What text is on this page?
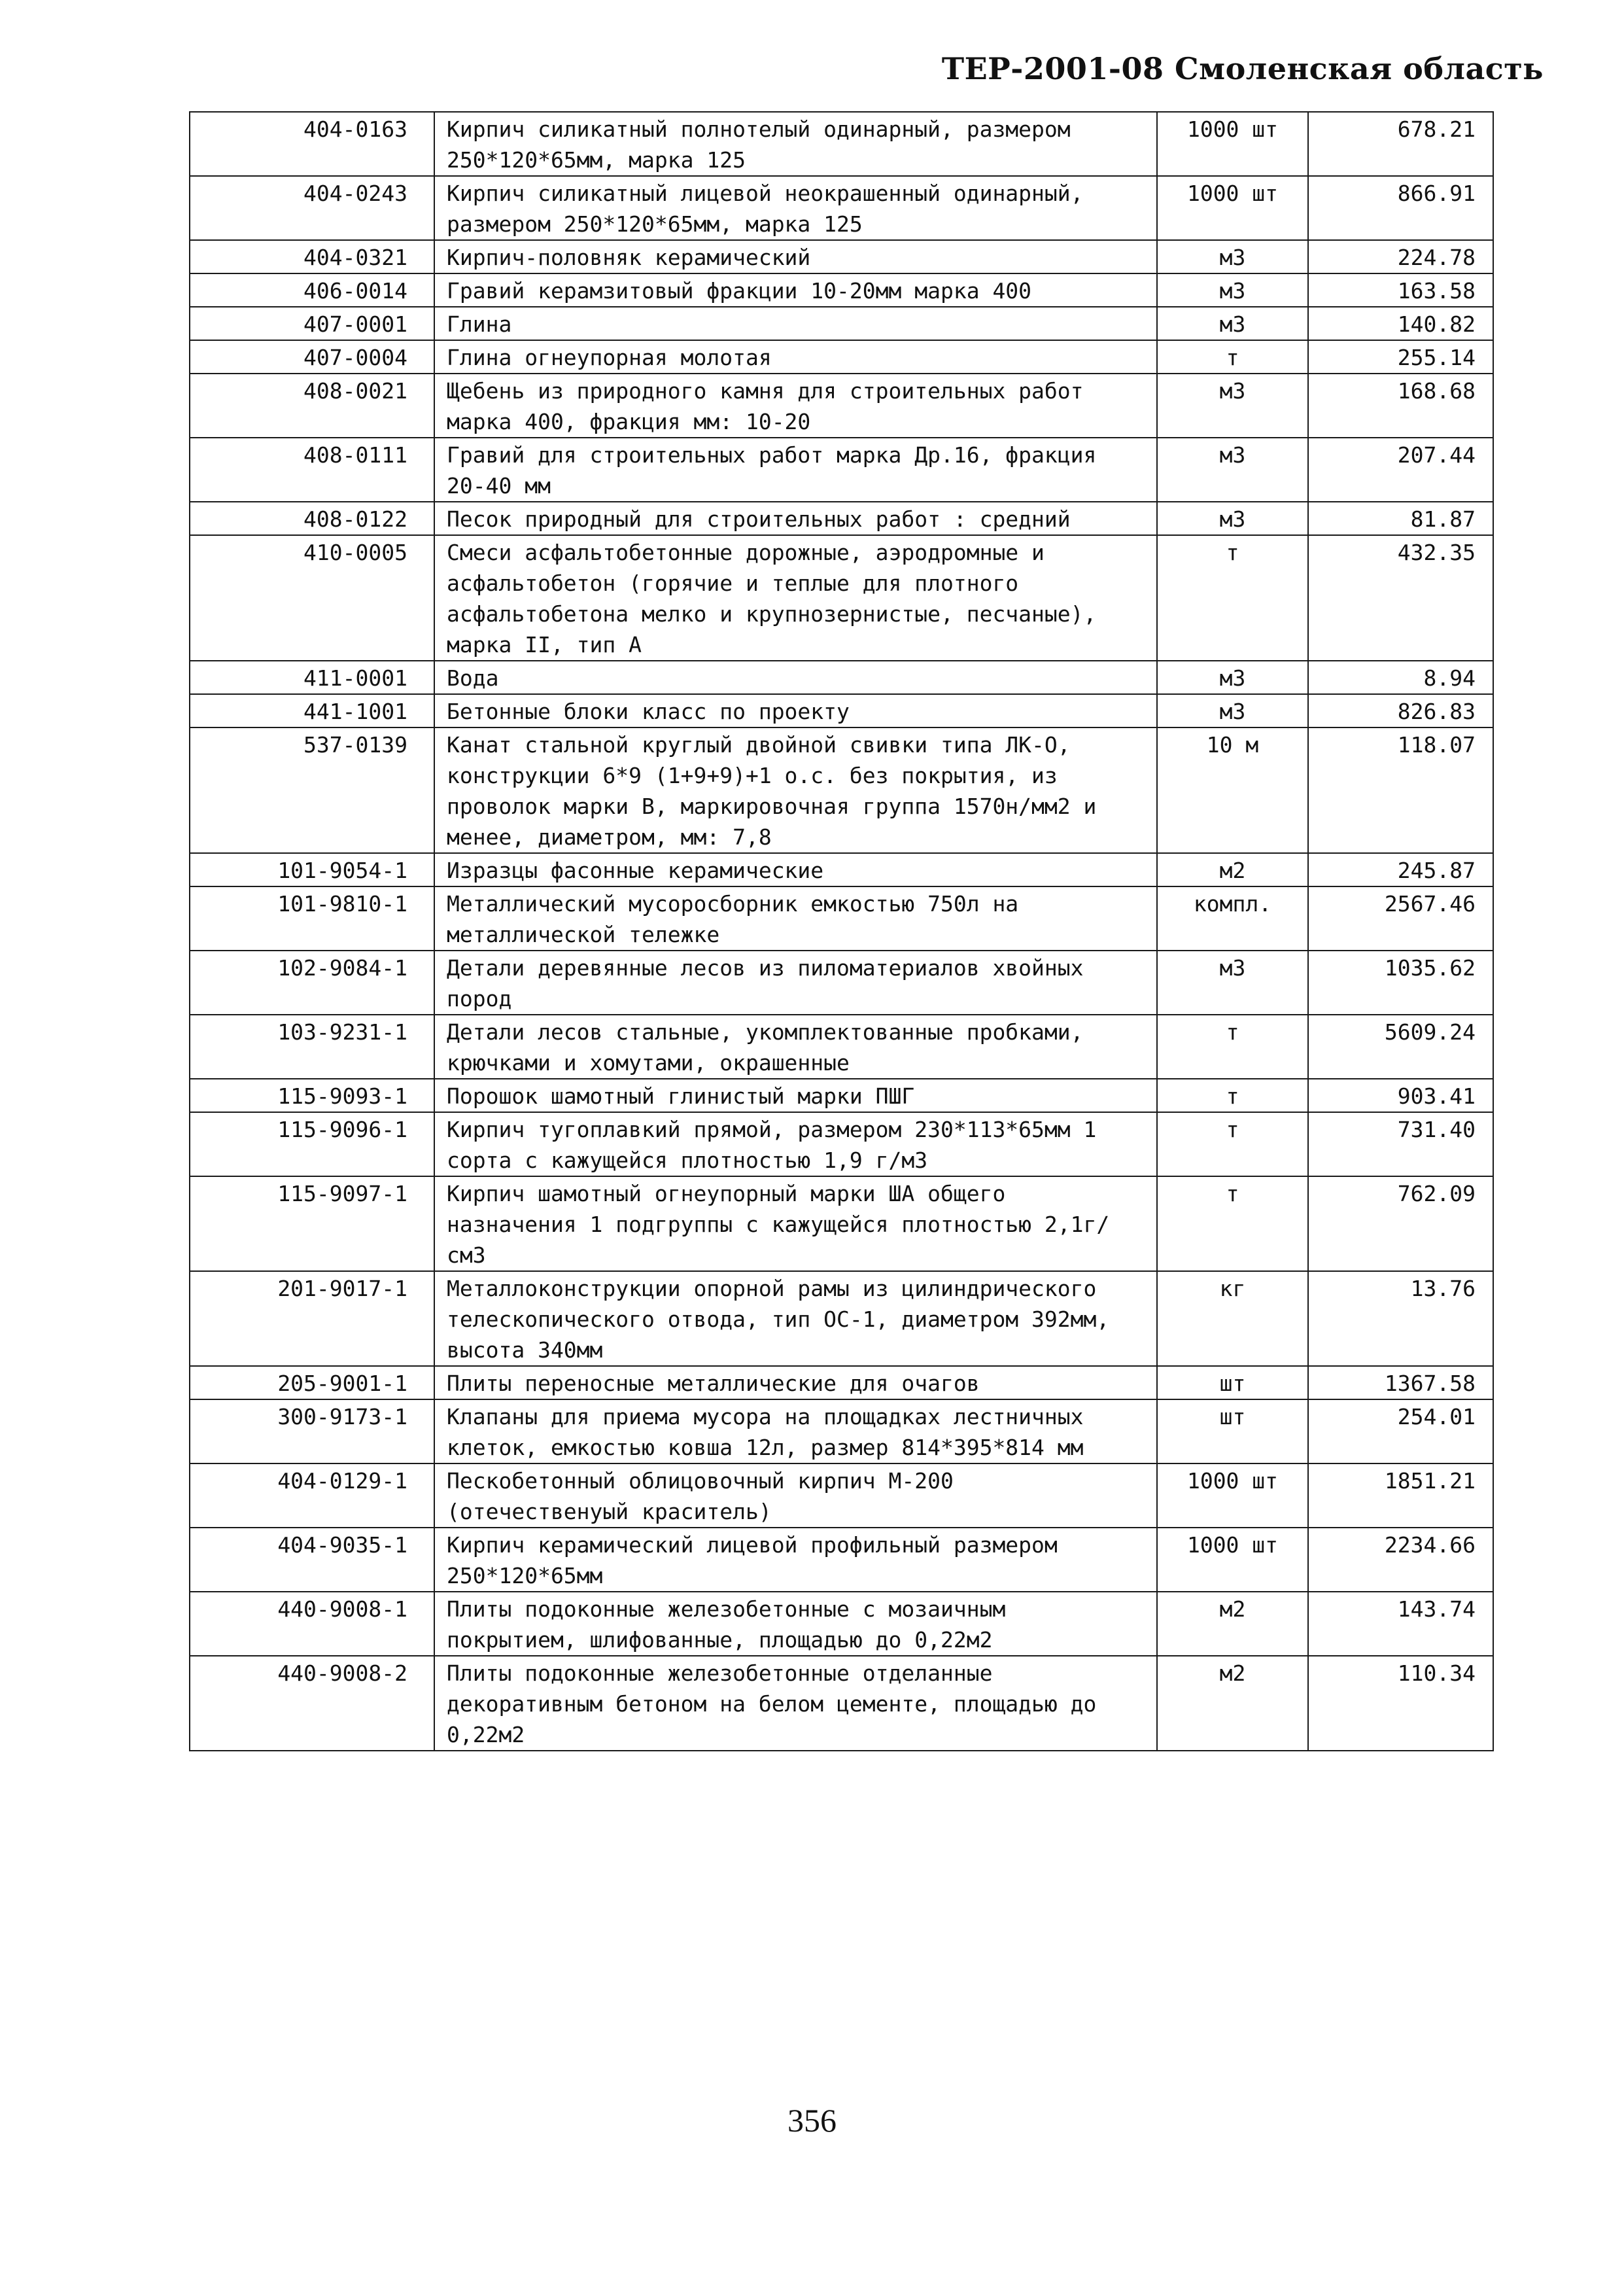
ТЕР-2001-08 Смоленская область
404-0163	Кирпич силикатный полнотелый одинарный, размером 250*120*65мм, марка 125	1000 шт	678.21
404-0243	Кирпич силикатный лицевой неокрашенный одинарный, размером 250*120*65мм, марка 125	1000 шт	866.91
404-0321	Кирпич-половняк керамический	м3	224.78
406-0014	Гравий керамзитовый фракции 10-20мм марка 400	м3	163.58
407-0001	Глина	м3	140.82
407-0004	Глина огнеупорная молотая	т	255.14
408-0021	Щебень из природного камня для строительных работ марка 400, фракция мм: 10-20	м3	168.68
408-0111	Гравий для строительных работ марка Др.16, фракция 20-40 мм	м3	207.44
408-0122	Песок природный для строительных работ : средний	м3	81.87
410-0005	Смеси асфальтобетонные дорожные, аэродромные и асфальтобетон (горячие и теплые для плотного асфальтобетона мелко и крупнозернистые, песчаные), марка II, тип А	т	432.35
411-0001	Вода	м3	8.94
441-1001	Бетонные блоки класс по проекту	м3	826.83
537-0139	Канат стальной круглый двойной свивки типа ЛК-О, конструкции 6*9 (1+9+9)+1 о.с. без покрытия, из проволок марки В, маркировочная группа 1570н/мм2 и менее, диаметром, мм: 7,8	10 м	118.07
101-9054-1	Изразцы фасонные керамические	м2	245.87
101-9810-1	Металлический мусоросборник емкостью 750л на металлической тележке	компл.	2567.46
102-9084-1	Детали деревянные лесов из пиломатериалов хвойных пород	м3	1035.62
103-9231-1	Детали лесов стальные, укомплектованные пробками, крючками и хомутами, окрашенные	т	5609.24
115-9093-1	Порошок шамотный глинистый марки ПШГ	т	903.41
115-9096-1	Кирпич тугоплавкий прямой, размером 230*113*65мм 1 сорта с кажущейся плотностью 1,9 г/м3	т	731.40
115-9097-1	Кирпич шамотный огнеупорный марки ША общего назначения 1 подгруппы с кажущейся плотностью 2,1г/см3	т	762.09
201-9017-1	Металлоконструкции опорной рамы из цилиндрического телескопического отвода, тип ОС-1, диаметром 392мм, высота 340мм	кг	13.76
205-9001-1	Плиты переносные металлические для очагов	шт	1367.58
300-9173-1	Клапаны для приема мусора на площадках лестничных клеток, емкостью ковша 12л, размер 814*395*814 мм	шт	254.01
404-0129-1	Пескобетонный облицовочный кирпич М-200 (отечественуый краситель)	1000 шт	1851.21
404-9035-1	Кирпич керамический лицевой профильный размером 250*120*65мм	1000 шт	2234.66
440-9008-1	Плиты подоконные железобетонные с мозаичным покрытием, шлифованные, площадью до 0,22м2	м2	143.74
440-9008-2	Плиты подоконные железобетонные отделанные декоративным бетоном на белом цементе, площадью до 0,22м2	м2	110.34
356
